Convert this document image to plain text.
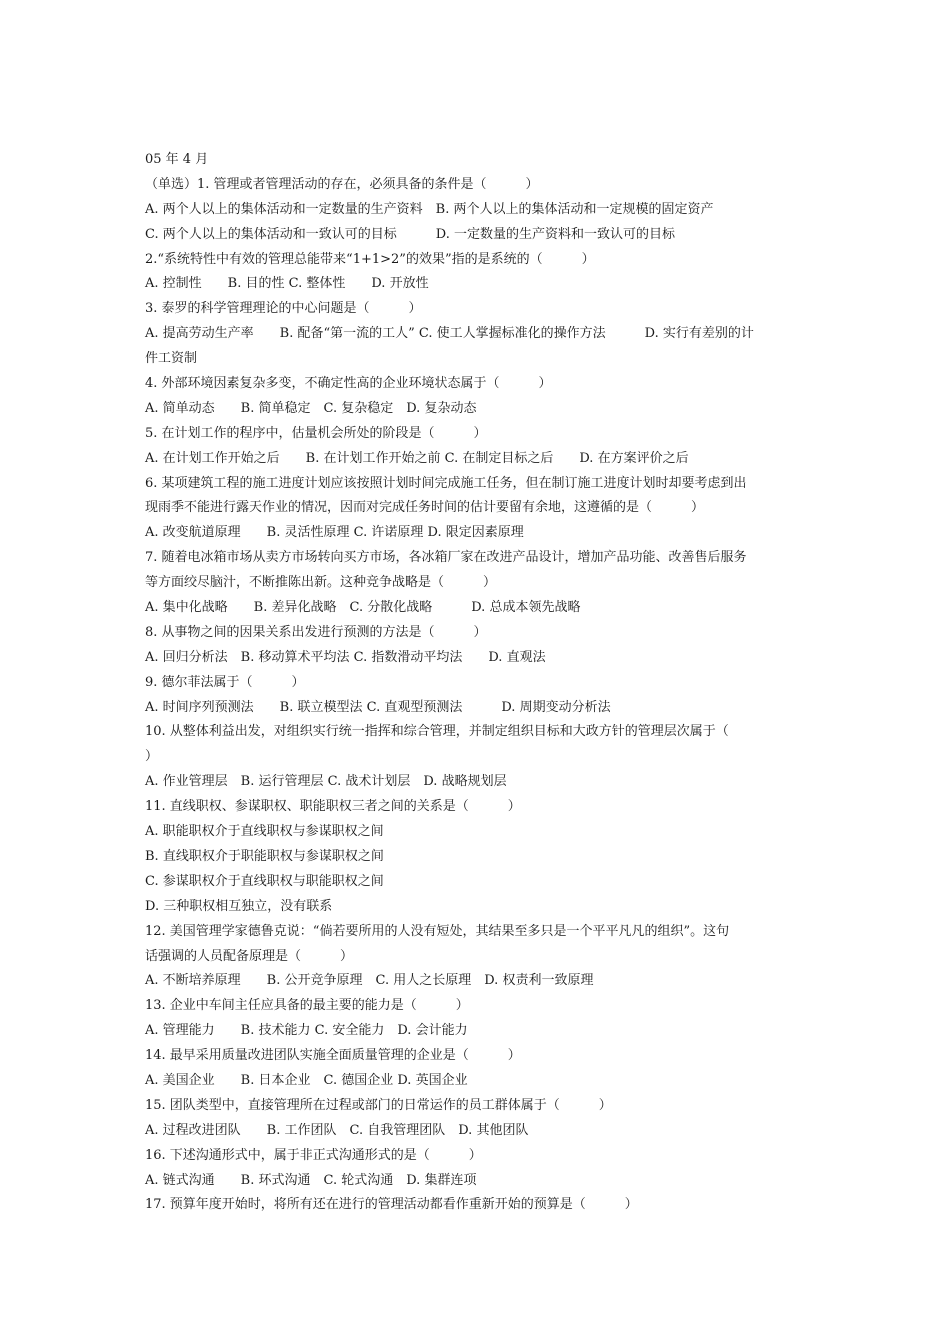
05 年 4 月
（单选）1. 管理或者管理活动的存在，必须具备的条件是（　　　）
A. 两个人以上的集体活动和一定数量的生产资料　B. 两个人以上的集体活动和一定规模的固定资产
C. 两个人以上的集体活动和一致认可的目标　　　D. 一定数量的生产资料和一致认可的目标
2.“系统特性中有效的管理总能带来“1+1>2”的效果”指的是系统的（　　　）
A. 控制性　　B. 目的性 C. 整体性　　D. 开放性
3. 泰罗的科学管理理论的中心问题是（　　　）
A. 提高劳动生产率　　B. 配备“第一流的工人” C. 使工人掌握标准化的操作方法　　　D. 实行有差别的计
件工资制
4. 外部环境因素复杂多变，不确定性高的企业环境状态属于（　　　）
A. 简单动态　　B. 简单稳定　C. 复杂稳定　D. 复杂动态
5. 在计划工作的程序中，估量机会所处的阶段是（　　　）
A. 在计划工作开始之后　　B. 在计划工作开始之前 C. 在制定目标之后　　D. 在方案评价之后
6. 某项建筑工程的施工进度计划应该按照计划时间完成施工任务，但在制订施工进度计划时却要考虑到出
现雨季不能进行露天作业的情况，因而对完成任务时间的估计要留有余地，这遵循的是（　　　）
A. 改变航道原理　　B. 灵活性原理 C. 许诺原理 D. 限定因素原理
7. 随着电冰箱市场从卖方市场转向买方市场，各冰箱厂家在改进产品设计，增加产品功能、改善售后服务
等方面绞尽脑汁，不断推陈出新。这种竞争战略是（　　　）
A. 集中化战略　　B. 差异化战略　C. 分散化战略　　　D. 总成本领先战略
8. 从事物之间的因果关系出发进行预测的方法是（　　　）
A. 回归分析法　B. 移动算术平均法 C. 指数滑动平均法　　D. 直观法
9. 德尔菲法属于（　　　）
A. 时间序列预测法　　B. 联立模型法 C. 直观型预测法　　　D. 周期变动分析法
10. 从整体利益出发，对组织实行统一指挥和综合管理，并制定组织目标和大政方针的管理层次属于（
）
A. 作业管理层　B. 运行管理层 C. 战术计划层　D. 战略规划层
11. 直线职权、参谋职权、职能职权三者之间的关系是（　　　）
A. 职能职权介于直线职权与参谋职权之间
B. 直线职权介于职能职权与参谋职权之间
C. 参谋职权介于直线职权与职能职权之间
D. 三种职权相互独立，没有联系
12. 美国管理学家德鲁克说：“倘若要所用的人没有短处，其结果至多只是一个平平凡凡的组织”。这句
话强调的人员配备原理是（　　　）
A. 不断培养原理　　B. 公开竞争原理　C. 用人之长原理　D. 权责利一致原理
13. 企业中车间主任应具备的最主要的能力是（　　　）
A. 管理能力　　B. 技术能力 C. 安全能力　D. 会计能力
14. 最早采用质量改进团队实施全面质量管理的企业是（　　　）
A. 美国企业　　B. 日本企业　C. 德国企业 D. 英国企业
15. 团队类型中，直接管理所在过程或部门的日常运作的员工群体属于（　　　）
A. 过程改进团队　　B. 工作团队　C. 自我管理团队　D. 其他团队
16. 下述沟通形式中，属于非正式沟通形式的是（　　　）
A. 链式沟通　　B. 环式沟通　C. 轮式沟通　D. 集群连项
17. 预算年度开始时，将所有还在进行的管理活动都看作重新开始的预算是（　　　）
